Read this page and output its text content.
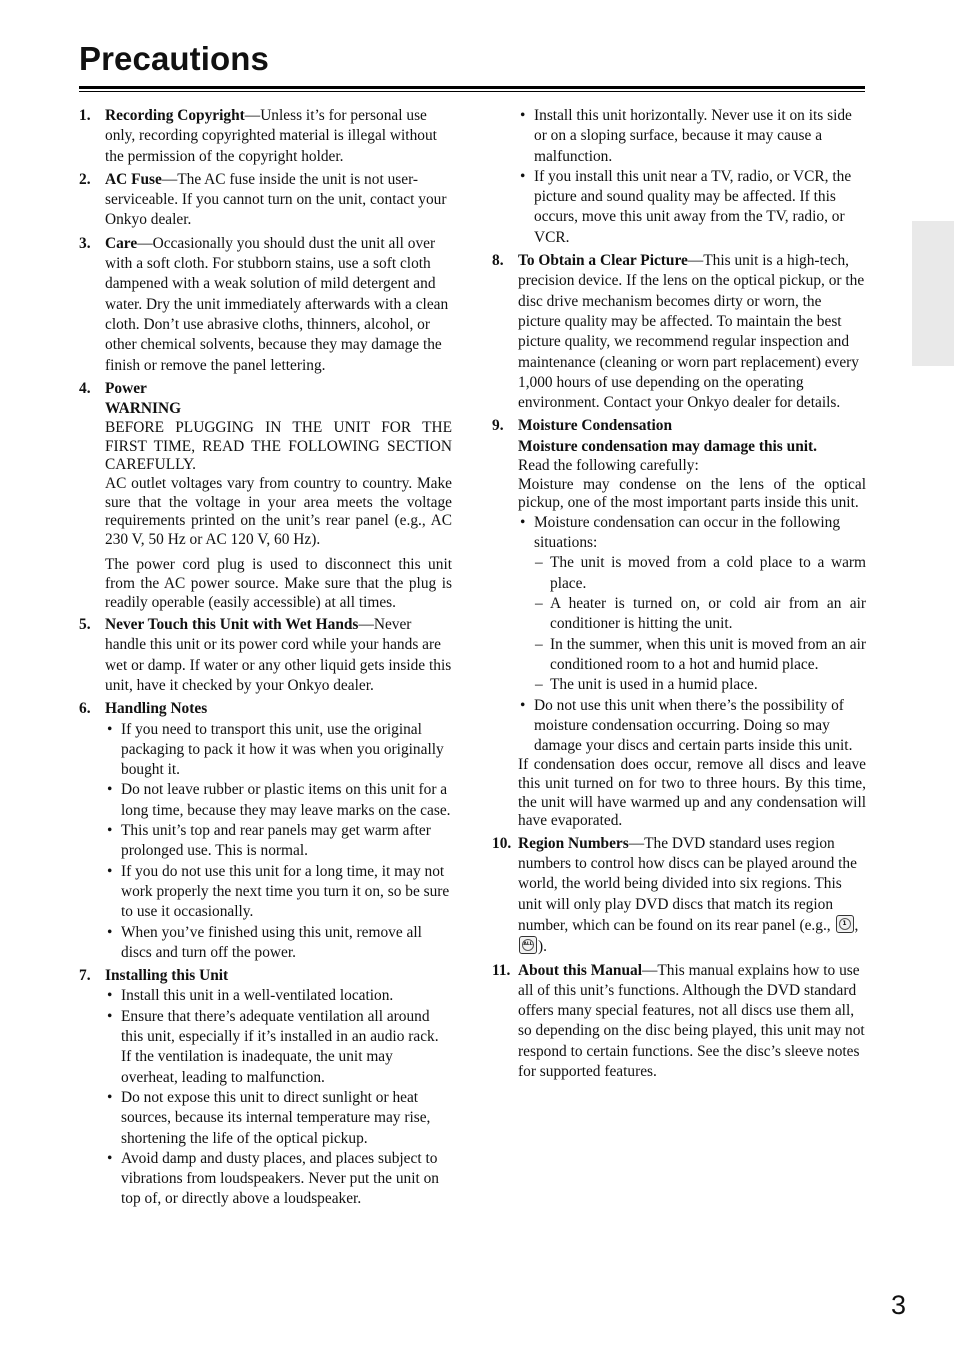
Precautions
1. Recording Copyright—Unless it’s for personal use only, recording copyrighted material is illegal without the permission of the copyright holder.

2. AC Fuse—The AC fuse inside the unit is not user-serviceable. If you cannot turn on the unit, contact your Onkyo dealer.

3. Care—Occasionally you should dust the unit all over with a soft cloth. For stubborn stains, use a soft cloth dampened with a weak solution of mild detergent and water. Dry the unit immediately afterwards with a clean cloth. Don’t use abrasive cloths, thinners, alcohol, or other chemical solvents, because they may damage the finish or remove the panel lettering.

4. Power

WARNING

BEFORE PLUGGING IN THE UNIT FOR THE FIRST TIME, READ THE FOLLOWING SECTION CAREFULLY.

AC outlet voltages vary from country to country. Make sure that the voltage in your area meets the voltage requirements printed on the unit’s rear panel (e.g., AC 230 V, 50 Hz or AC 120 V, 60 Hz).

The power cord plug is used to disconnect this unit from the AC power source. Make sure that the plug is readily operable (easily accessible) at all times.

5. Never Touch this Unit with Wet Hands—Never handle this unit or its power cord while your hands are wet or damp. If water or any other liquid gets inside this unit, have it checked by your Onkyo dealer.

6. Handling Notes

• If you need to transport this unit, use the original packaging to pack it how it was when you originally bought it.
• Do not leave rubber or plastic items on this unit for a long time, because they may leave marks on the case.
• This unit’s top and rear panels may get warm after prolonged use. This is normal.
• If you do not use this unit for a long time, it may not work properly the next time you turn it on, so be sure to use it occasionally.
• When you’ve finished using this unit, remove all discs and turn off the power.
7. Installing this Unit

• Install this unit in a well-ventilated location.
• Ensure that there’s adequate ventilation all around this unit, especially if it’s installed in an audio rack. If the ventilation is inadequate, the unit may overheat, leading to malfunction.
• Do not expose this unit to direct sunlight or heat sources, because its internal temperature may rise, shortening the life of the optical pickup.
• Avoid damp and dusty places, and places subject to vibrations from loudspeakers. Never put the unit on top of, or directly above a loudspeaker.
• Install this unit horizontally. Never use it on its side or on a sloping surface, because it may cause a malfunction.
• If you install this unit near a TV, radio, or VCR, the picture and sound quality may be affected. If this occurs, move this unit away from the TV, radio, or VCR.
8. To Obtain a Clear Picture—This unit is a high-tech, precision device. If the lens on the optical pickup, or the disc drive mechanism becomes dirty or worn, the picture quality may be affected. To maintain the best picture quality, we recommend regular inspection and maintenance (cleaning or worn part replacement) every 1,000 hours of use depending on the operating environment. Contact your Onkyo dealer for details.

9. Moisture Condensation

Moisture condensation may damage this unit.

Read the following carefully:

Moisture may condense on the lens of the optical pickup, one of the most important parts inside this unit.

• Moisture condensation can occur in the following situations:
– The unit is moved from a cold place to a warm place.
– A heater is turned on, or cold air from an air conditioner is hitting the unit.
– In the summer, when this unit is moved from an air conditioned room to a hot and humid place.
– The unit is used in a humid place.
• Do not use this unit when there’s the possibility of moisture condensation occurring. Doing so may damage your discs and certain parts inside this unit.

If condensation does occur, remove all discs and leave this unit turned on for two to three hours. By this time, the unit will have warmed up and any condensation will have evaporated.

10. Region Numbers—The DVD standard uses region numbers to control how discs can be played around the world, the world being divided into six regions. This unit will only play DVD discs that match its region number, which can be found on its rear panel (e.g.,	1 ,
ALL ).

11. About this Manual—This manual explains how to use all of this unit’s functions. Although the DVD standard offers many special features, not all discs use them all, so depending on the disc being played, this unit may not respond to certain functions. See the disc’s sleeve notes for supported features.

3
